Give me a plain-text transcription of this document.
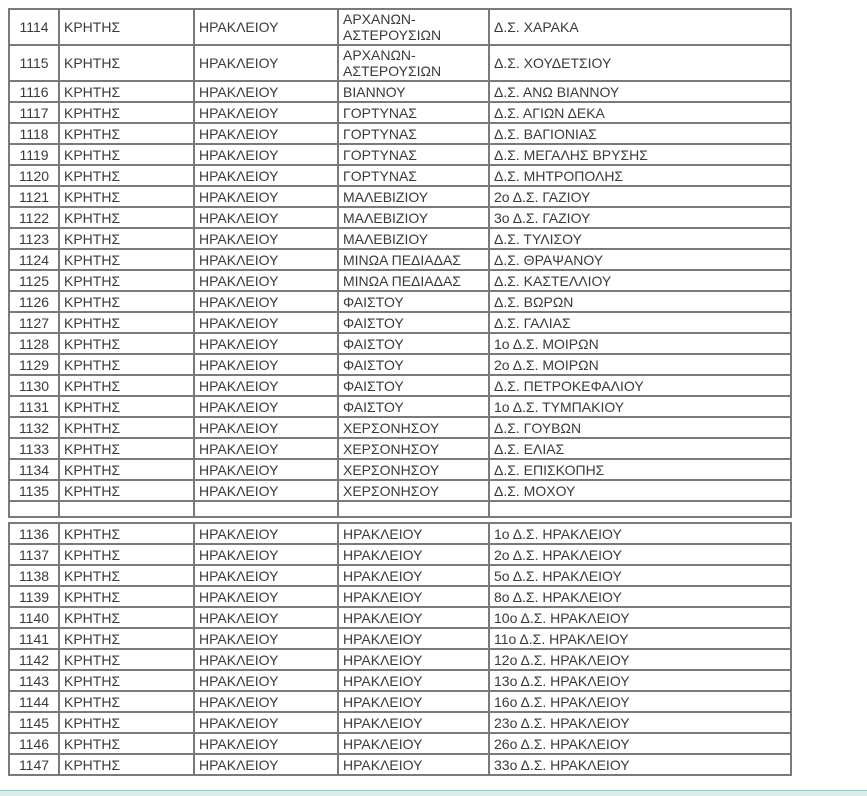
1114	ΚΡΗΤΗΣ	ΗΡΑΚΛΕΙΟΥ	ΑΡΧΑΝΩΝ-ΑΣΤΕΡΟΥΣΙΩΝ	Δ.Σ. ΧΑΡΑΚΑ
1115	ΚΡΗΤΗΣ	ΗΡΑΚΛΕΙΟΥ	ΑΡΧΑΝΩΝ-ΑΣΤΕΡΟΥΣΙΩΝ	Δ.Σ. ΧΟΥΔΕΤΣΙΟΥ
1116	ΚΡΗΤΗΣ	ΗΡΑΚΛΕΙΟΥ	ΒΙΑΝΝΟΥ	Δ.Σ. ΑΝΩ ΒΙΑΝΝΟΥ
1117	ΚΡΗΤΗΣ	ΗΡΑΚΛΕΙΟΥ	ΓΟΡΤΥΝΑΣ	Δ.Σ. ΑΓΙΩΝ ΔΕΚΑ
1118	ΚΡΗΤΗΣ	ΗΡΑΚΛΕΙΟΥ	ΓΟΡΤΥΝΑΣ	Δ.Σ. ΒΑΓΙΟΝΙΑΣ
1119	ΚΡΗΤΗΣ	ΗΡΑΚΛΕΙΟΥ	ΓΟΡΤΥΝΑΣ	Δ.Σ. ΜΕΓΑΛΗΣ ΒΡΥΣΗΣ
1120	ΚΡΗΤΗΣ	ΗΡΑΚΛΕΙΟΥ	ΓΟΡΤΥΝΑΣ	Δ.Σ. ΜΗΤΡΟΠΟΛΗΣ
1121	ΚΡΗΤΗΣ	ΗΡΑΚΛΕΙΟΥ	ΜΑΛΕΒΙΖΙΟΥ	2ο Δ.Σ. ΓΑΖΙΟΥ
1122	ΚΡΗΤΗΣ	ΗΡΑΚΛΕΙΟΥ	ΜΑΛΕΒΙΖΙΟΥ	3ο Δ.Σ. ΓΑΖΙΟΥ
1123	ΚΡΗΤΗΣ	ΗΡΑΚΛΕΙΟΥ	ΜΑΛΕΒΙΖΙΟΥ	Δ.Σ. ΤΥΛΙΣΟΥ
1124	ΚΡΗΤΗΣ	ΗΡΑΚΛΕΙΟΥ	ΜΙΝΩΑ ΠΕΔΙΑΔΑΣ	Δ.Σ. ΘΡΑΨΑΝΟΥ
1125	ΚΡΗΤΗΣ	ΗΡΑΚΛΕΙΟΥ	ΜΙΝΩΑ ΠΕΔΙΑΔΑΣ	Δ.Σ. ΚΑΣΤΕΛΛΙΟΥ
1126	ΚΡΗΤΗΣ	ΗΡΑΚΛΕΙΟΥ	ΦΑΙΣΤΟΥ	Δ.Σ. ΒΩΡΩΝ
1127	ΚΡΗΤΗΣ	ΗΡΑΚΛΕΙΟΥ	ΦΑΙΣΤΟΥ	Δ.Σ. ΓΑΛΙΑΣ
1128	ΚΡΗΤΗΣ	ΗΡΑΚΛΕΙΟΥ	ΦΑΙΣΤΟΥ	1ο Δ.Σ. ΜΟΙΡΩΝ
1129	ΚΡΗΤΗΣ	ΗΡΑΚΛΕΙΟΥ	ΦΑΙΣΤΟΥ	2ο Δ.Σ. ΜΟΙΡΩΝ
1130	ΚΡΗΤΗΣ	ΗΡΑΚΛΕΙΟΥ	ΦΑΙΣΤΟΥ	Δ.Σ. ΠΕΤΡΟΚΕΦΑΛΙΟΥ
1131	ΚΡΗΤΗΣ	ΗΡΑΚΛΕΙΟΥ	ΦΑΙΣΤΟΥ	1ο Δ.Σ. ΤΥΜΠΑΚΙΟΥ
1132	ΚΡΗΤΗΣ	ΗΡΑΚΛΕΙΟΥ	ΧΕΡΣΟΝΗΣΟΥ	Δ.Σ. ΓΟΥΒΩΝ
1133	ΚΡΗΤΗΣ	ΗΡΑΚΛΕΙΟΥ	ΧΕΡΣΟΝΗΣΟΥ	Δ.Σ. ΕΛΙΑΣ
1134	ΚΡΗΤΗΣ	ΗΡΑΚΛΕΙΟΥ	ΧΕΡΣΟΝΗΣΟΥ	Δ.Σ. ΕΠΙΣΚΟΠΗΣ
1135	ΚΡΗΤΗΣ	ΗΡΑΚΛΕΙΟΥ	ΧΕΡΣΟΝΗΣΟΥ	Δ.Σ. ΜΟΧΟΥ

1136	ΚΡΗΤΗΣ	ΗΡΑΚΛΕΙΟΥ	ΗΡΑΚΛΕΙΟΥ	1ο Δ.Σ. ΗΡΑΚΛΕΙΟΥ
1137	ΚΡΗΤΗΣ	ΗΡΑΚΛΕΙΟΥ	ΗΡΑΚΛΕΙΟΥ	2ο Δ.Σ. ΗΡΑΚΛΕΙΟΥ
1138	ΚΡΗΤΗΣ	ΗΡΑΚΛΕΙΟΥ	ΗΡΑΚΛΕΙΟΥ	5ο Δ.Σ. ΗΡΑΚΛΕΙΟΥ
1139	ΚΡΗΤΗΣ	ΗΡΑΚΛΕΙΟΥ	ΗΡΑΚΛΕΙΟΥ	8ο Δ.Σ. ΗΡΑΚΛΕΙΟΥ
1140	ΚΡΗΤΗΣ	ΗΡΑΚΛΕΙΟΥ	ΗΡΑΚΛΕΙΟΥ	10ο Δ.Σ. ΗΡΑΚΛΕΙΟΥ
1141	ΚΡΗΤΗΣ	ΗΡΑΚΛΕΙΟΥ	ΗΡΑΚΛΕΙΟΥ	11ο Δ.Σ. ΗΡΑΚΛΕΙΟΥ
1142	ΚΡΗΤΗΣ	ΗΡΑΚΛΕΙΟΥ	ΗΡΑΚΛΕΙΟΥ	12ο Δ.Σ. ΗΡΑΚΛΕΙΟΥ
1143	ΚΡΗΤΗΣ	ΗΡΑΚΛΕΙΟΥ	ΗΡΑΚΛΕΙΟΥ	13ο Δ.Σ. ΗΡΑΚΛΕΙΟΥ
1144	ΚΡΗΤΗΣ	ΗΡΑΚΛΕΙΟΥ	ΗΡΑΚΛΕΙΟΥ	16ο Δ.Σ. ΗΡΑΚΛΕΙΟΥ
1145	ΚΡΗΤΗΣ	ΗΡΑΚΛΕΙΟΥ	ΗΡΑΚΛΕΙΟΥ	23ο Δ.Σ. ΗΡΑΚΛΕΙΟΥ
1146	ΚΡΗΤΗΣ	ΗΡΑΚΛΕΙΟΥ	ΗΡΑΚΛΕΙΟΥ	26ο Δ.Σ. ΗΡΑΚΛΕΙΟΥ
1147	ΚΡΗΤΗΣ	ΗΡΑΚΛΕΙΟΥ	ΗΡΑΚΛΕΙΟΥ	33ο Δ.Σ. ΗΡΑΚΛΕΙΟΥ
